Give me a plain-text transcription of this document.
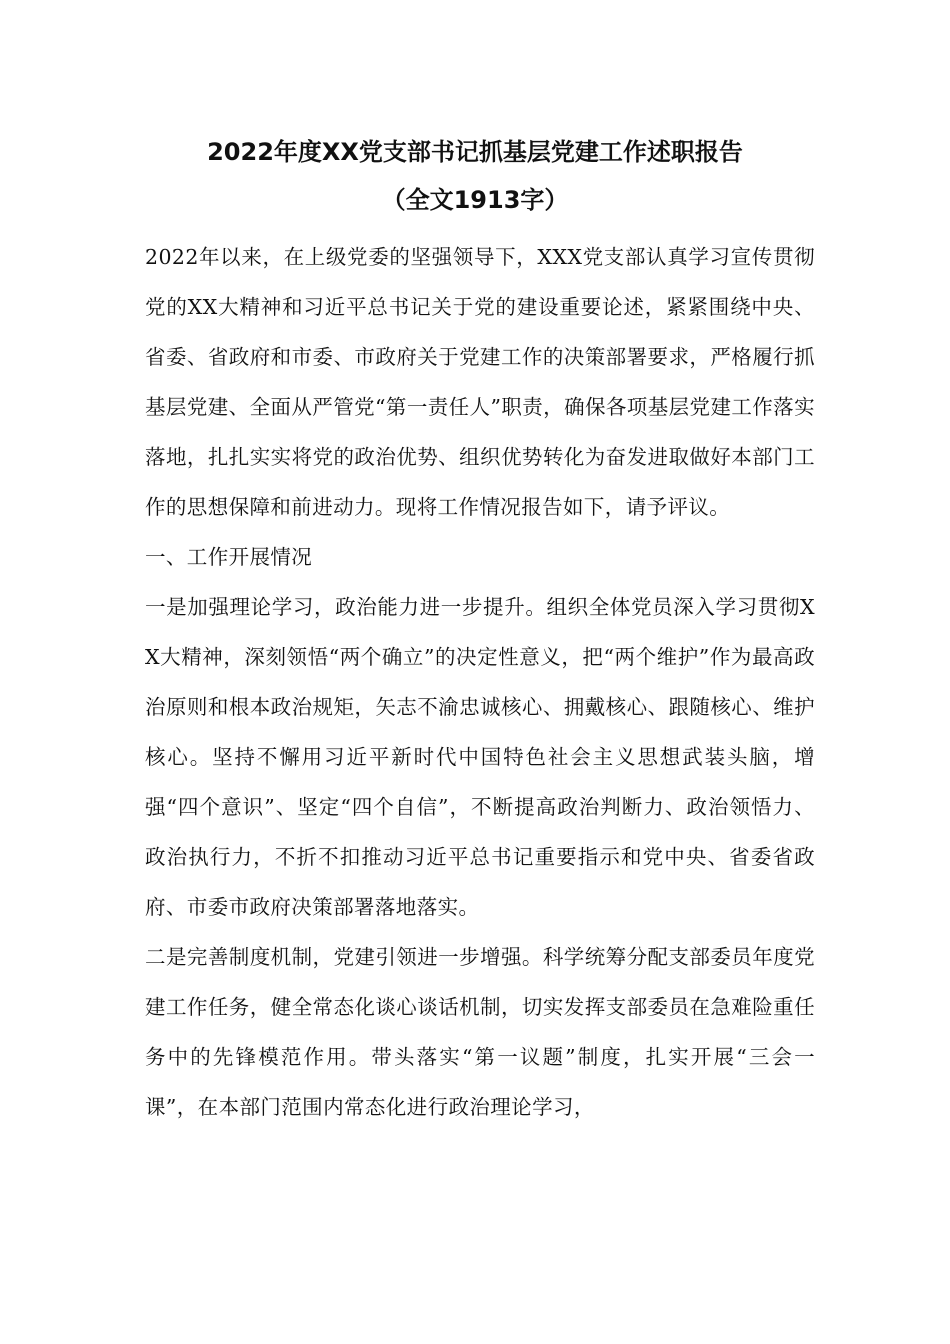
2022年度XX党支部书记抓基层党建工作述职报告
（全文1913字）

2022年以来，在上级党委的坚强领导下，XXX党支部认真学习宣传贯彻党的XX大精神和习近平总书记关于党的建设重要论述，紧紧围绕中央、省委、省政府和市委、市政府关于党建工作的决策部署要求，严格履行抓基层党建、全面从严管党“第一责任人”职责，确保各项基层党建工作落实落地，扎扎实实将党的政治优势、组织优势转化为奋发进取做好本部门工作的思想保障和前进动力。现将工作情况报告如下，请予评议。

一、工作开展情况

一是加强理论学习，政治能力进一步提升。组织全体党员深入学习贯彻XX大精神，深刻领悟“两个确立”的决定性意义，把“两个维护”作为最高政治原则和根本政治规矩，矢志不渝忠诚核心、拥戴核心、跟随核心、维护核心。坚持不懈用习近平新时代中国特色社会主义思想武装头脑，增强“四个意识”、坚定“四个自信”，不断提高政治判断力、政治领悟力、政治执行力，不折不扣推动习近平总书记重要指示和党中央、省委省政府、市委市政府决策部署落地落实。

二是完善制度机制，党建引领进一步增强。科学统筹分配支部委员年度党建工作任务，健全常态化谈心谈话机制，切实发挥支部委员在急难险重任务中的先锋模范作用。带头落实“第一议题”制度，扎实开展“三会一课”，在本部门范围内常态化进行政治理论学习，
